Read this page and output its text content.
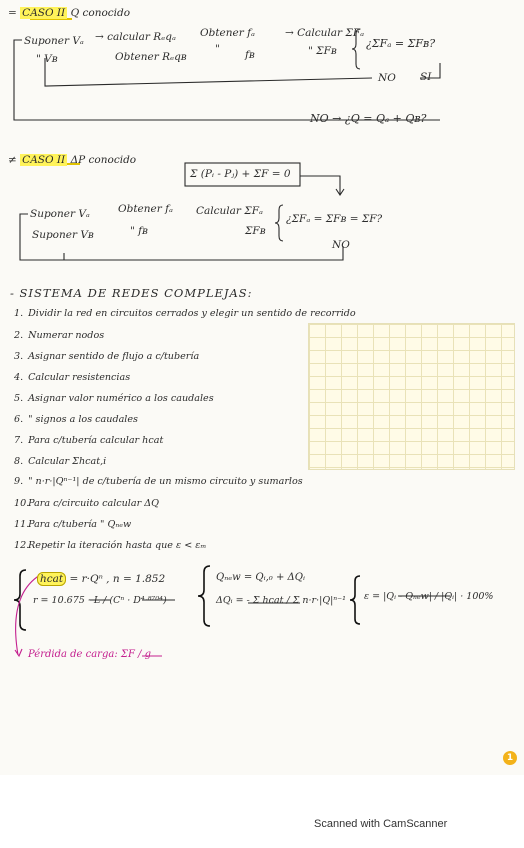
= CASO II Q conocido
Suponer Vₐ
" Vʙ
→ calcular Rₑqₐ
Obtener Rₑqʙ
Obtener fₐ
" fʙ
→ Calcular ΣFₐ
" ΣFʙ
¿ΣFₐ = ΣFʙ?
NO SI
NO → ¿Q = Qₐ + Qʙ?
≠ CASO II ΔP conocido
Σ (Pᵢ - Pⱼ) + ΣF = 0
Suponer Vₐ
Suponer Vʙ
Obtener fₐ
" fʙ
Calcular ΣFₐ
ΣFʙ
¿ΣFₐ = ΣFʙ = ΣF?
NO
- SISTEMA DE REDES COMPLEJAS:
1. Dividir la red en circuitos cerrados y elegir un sentido de recorrido
2. Numerar nodos
3. Asignar sentido de flujo a c/tubería
4. Calcular resistencias
5. Asignar valor numérico a los caudales
6. " signos a los caudales
7. Para c/tubería calcular hcat
8. Calcular Σhcat,i
9. " n·r·|Qⁿ⁻¹| de c/tubería de un mismo circuito y sumarlos
10. Para c/circuito calcular ΔQ
11. Para c/tubería " Qₙₑw
12. Repetir la iteración hasta que ε < εₘ
hcat = r·Qⁿ , n = 1.852
r = 10.675 · L / (Cⁿ · D⁴·⁸⁷⁰⁴)
Qₙₑw = Qᵢ,₀ + ΔQᵢ
ΔQᵢ = - Σ hcat / Σ n·r·|Q|ⁿ⁻¹ ε = |Qᵢ - Qₙₑw| / |Qᵢ| · 100%
Pérdida de carga: ΣF / g
1
Scanned with CamScanner
